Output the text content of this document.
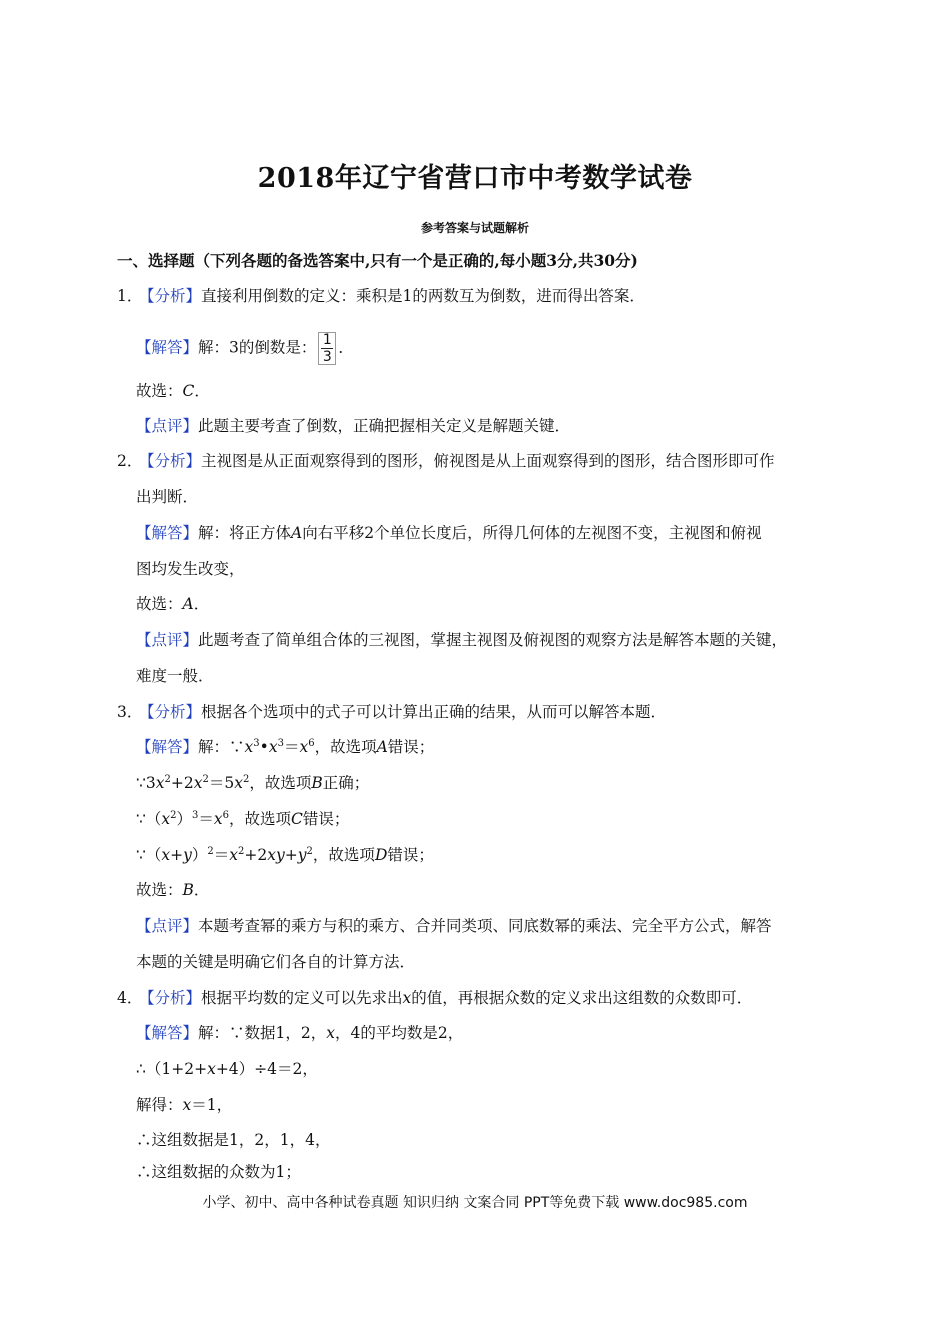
2018年辽宁省营口市中考数学试卷
参考答案与试题解析
一、选择题（下列各题的备选答案中,只有一个是正确的,每小题3分,共30分)
1．【分析】直接利用倒数的定义：乘积是1的两数互为倒数，进而得出答案．
【解答】解：3的倒数是： $\frac{1}{3}$ ．
故选：C．
【点评】此题主要考查了倒数，正确把握相关定义是解题关键．
2．【分析】主视图是从正面观察得到的图形，俯视图是从上面观察得到的图形，结合图形即可作
出判断．
【解答】解：将正方体A向右平移2个单位长度后，所得几何体的左视图不变，主视图和俯视
图均发生改变，
故选：A．
【点评】此题考查了简单组合体的三视图，掌握主视图及俯视图的观察方法是解答本题的关键，
难度一般．
3．【分析】根据各个选项中的式子可以计算出正确的结果，从而可以解答本题．
【解答】解：$\because x^3•x^3=x^6$，故选项A错误；
$\because 3x^2+2x^2=5x^2$，故选项B正确；
$\because(x^2)^3=x^6$，故选项C错误；
$\because(x+y)^2=x^2+2xy+y^2$，故选项D错误；
故选：B．
【点评】本题考查幂的乘方与积的乘方、合并同类项、同底数幂的乘法、完全平方公式，解答
本题的关键是明确它们各自的计算方法．
4．【分析】根据平均数的定义可以先求出x的值，再根据众数的定义求出这组数的众数即可．
【解答】解：∵数据1，2，x，4的平均数是2，
∴（1+2+x+4）÷4＝2，
解得：x＝1，
∴这组数据是1，2，1，4，
∴这组数据的众数为1；
小学、初中、高中各种试卷真题 知识归纳 文案合同 PPT等免费下载 www.doc985.com
